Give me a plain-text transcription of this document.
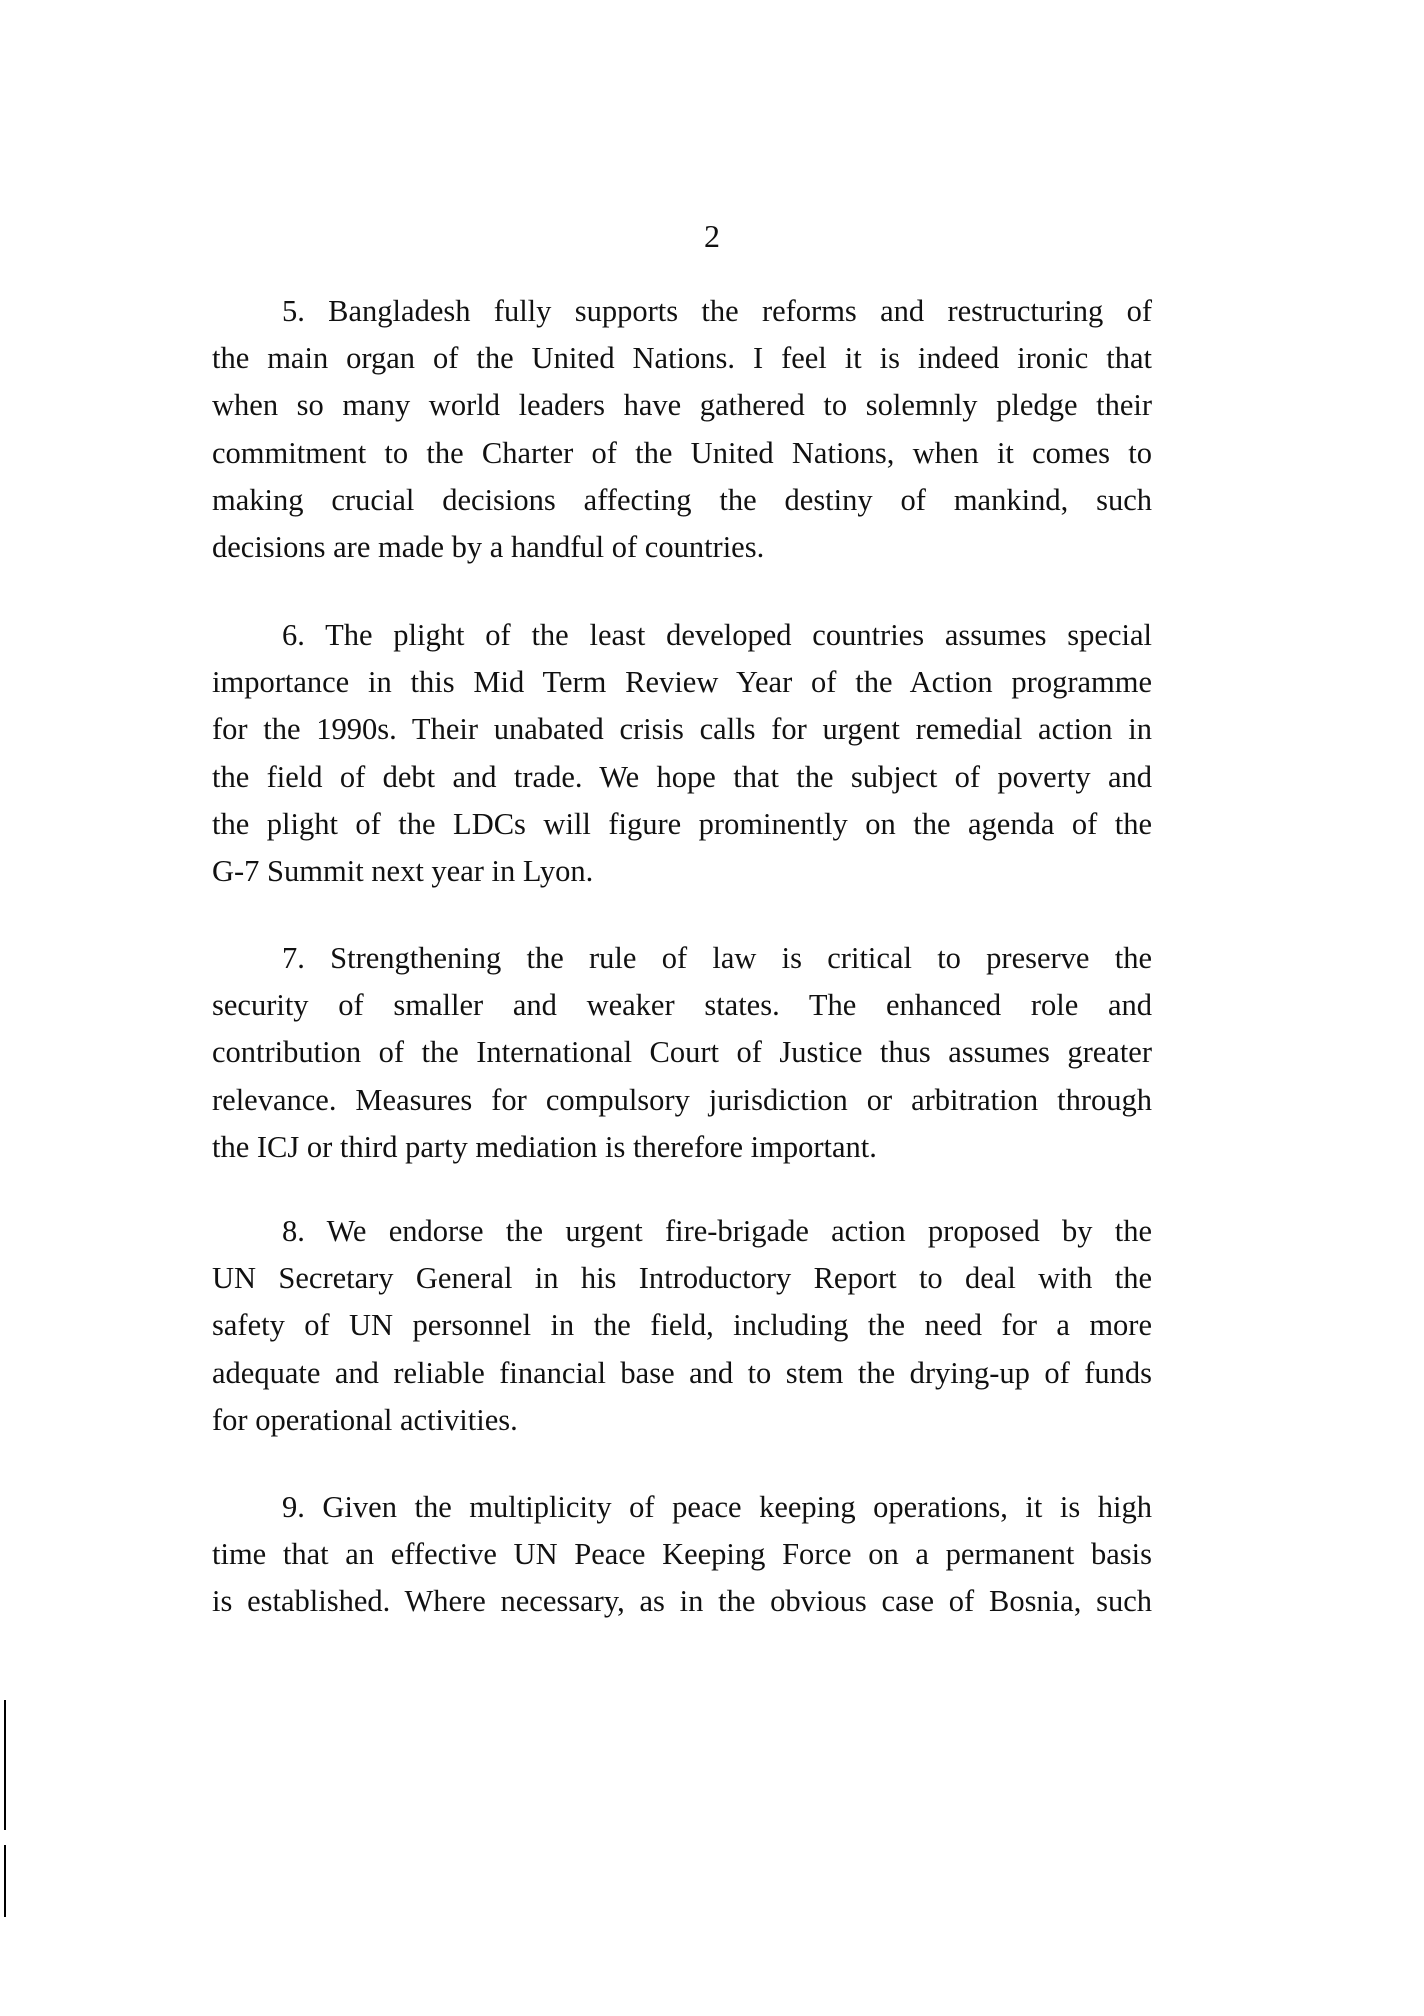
2

5. Bangladesh fully supports the reforms and restructuring of
the main organ of the United Nations. I feel it is indeed ironic that
when so many world leaders have gathered to solemnly pledge their
commitment to the Charter of the United Nations, when it comes to
making crucial decisions affecting the destiny of mankind, such
decisions are made by a handful of countries.

6. The plight of the least developed countries assumes special
importance in this Mid Term Review Year of the Action programme
for the 1990s. Their unabated crisis calls for urgent remedial action in
the field of debt and trade. We hope that the subject of poverty and
the plight of the LDCs will figure prominently on the agenda of the
G-7 Summit next year in Lyon.

7. Strengthening the rule of law is critical to preserve the
security of smaller and weaker states. The enhanced role and
contribution of the International Court of Justice thus assumes greater
relevance. Measures for compulsory jurisdiction or arbitration through
the ICJ or third party mediation is therefore important.

8. We endorse the urgent fire-brigade action proposed by the
UN Secretary General in his Introductory Report to deal with the
safety of UN personnel in the field, including the need for a more
adequate and reliable financial base and to stem the drying-up of funds
for operational activities.

9. Given the multiplicity of peace keeping operations, it is high
time that an effective UN Peace Keeping Force on a permanent basis
is established. Where necessary, as in the obvious case of Bosnia, such
